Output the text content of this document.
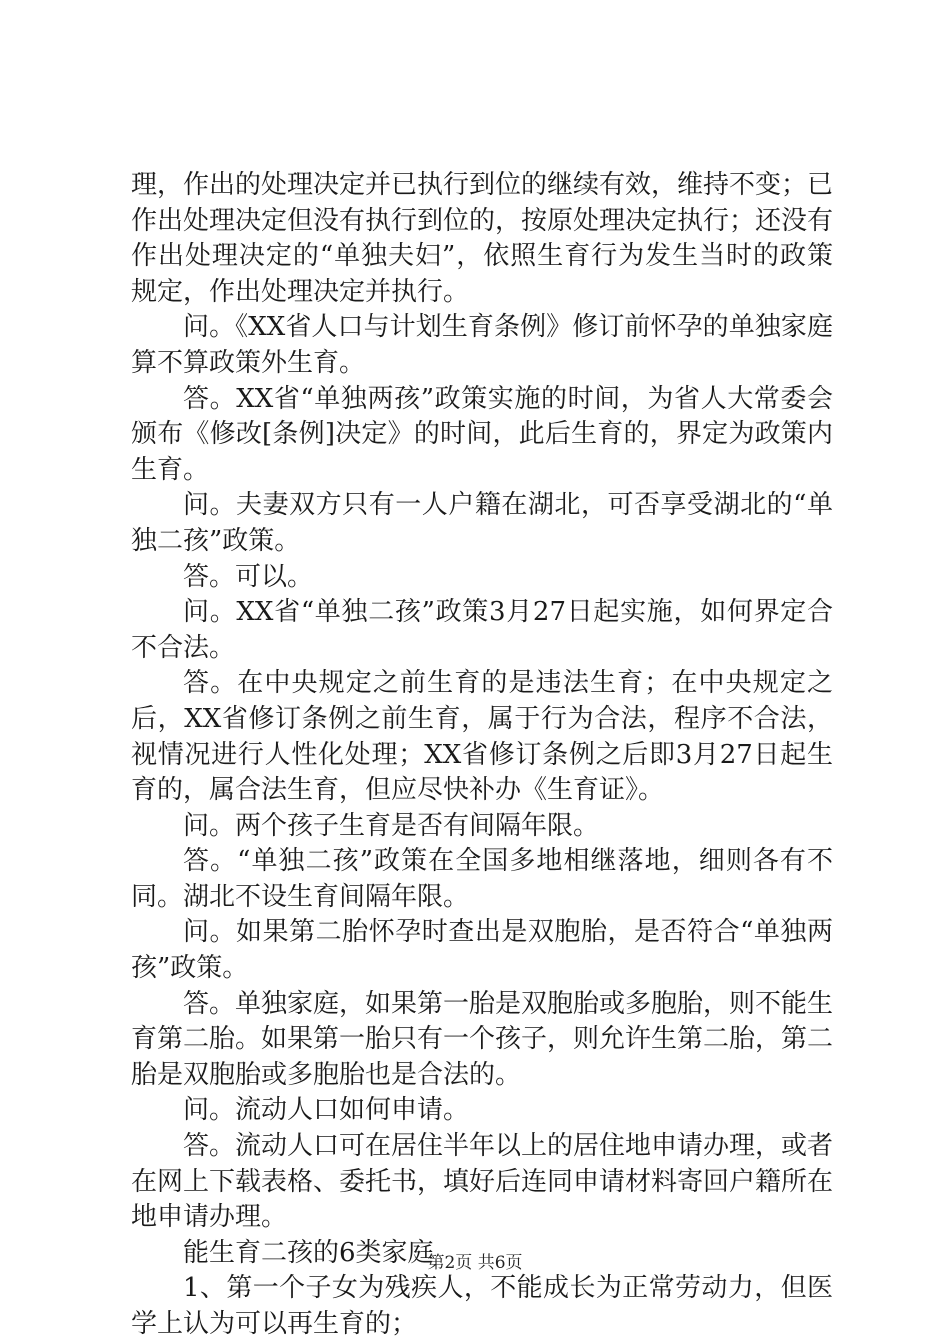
理，作出的处理决定并已执行到位的继续有效，维持不变；已作出处理决定但没有执行到位的，按原处理决定执行；还没有作出处理决定的“单独夫妇”，依照生育行为发生当时的政策规定，作出处理决定并执行。

问。《XX省人口与计划生育条例》修订前怀孕的单独家庭算不算政策外生育。

答。XX省“单独两孩”政策实施的时间，为省人大常委会颁布《修改[条例]决定》的时间，此后生育的，界定为政策内生育。

问。夫妻双方只有一人户籍在湖北，可否享受湖北的“单独二孩”政策。

答。可以。

问。XX省“单独二孩”政策3月27日起实施，如何界定合不合法。

答。在中央规定之前生育的是违法生育；在中央规定之后，XX省修订条例之前生育，属于行为合法，程序不合法，视情况进行人性化处理；XX省修订条例之后即3月27日起生育的，属合法生育，但应尽快补办《生育证》。

问。两个孩子生育是否有间隔年限。

答。“单独二孩”政策在全国多地相继落地，细则各有不同。湖北不设生育间隔年限。

问。如果第二胎怀孕时查出是双胞胎，是否符合“单独两孩”政策。

答。单独家庭，如果第一胎是双胞胎或多胞胎，则不能生育第二胎。如果第一胎只有一个孩子，则允许生第二胎，第二胎是双胞胎或多胞胎也是合法的。

问。流动人口如何申请。

答。流动人口可在居住半年以上的居住地申请办理，或者在网上下载表格、委托书，填好后连同申请材料寄回户籍所在地申请办理。

能生育二孩的6类家庭

1、第一个子女为残疾人，不能成长为正常劳动力，但医学上认为可以再生育的；

第2页 共6页
